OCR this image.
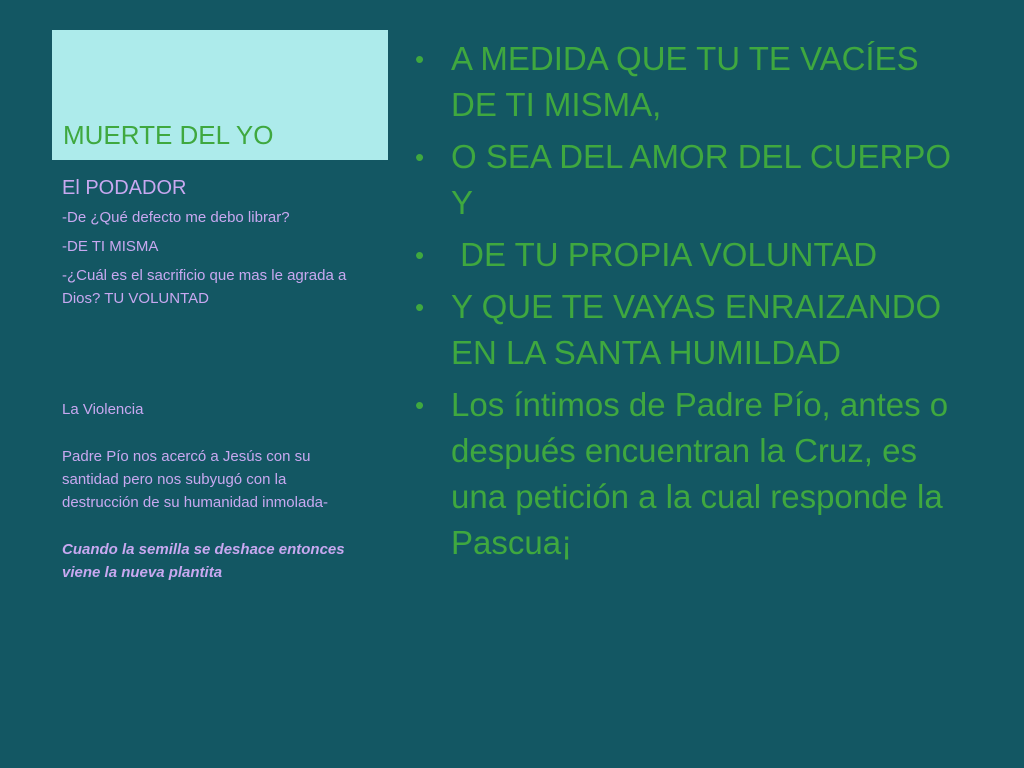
MUERTE DEL YO
El PODADOR

-De ¿Qué defecto me debo librar?

-DE TI MISMA

-¿Cuál es el sacrificio que mas le agrada a Dios? TU VOLUNTAD

La Violencia

Padre Pío nos acercó a Jesús con su santidad pero nos subyugó con la destrucción de su humanidad inmolada-

Cuando la semilla se deshace entonces viene la nueva plantita

• A MEDIDA QUE TU TE VACÍES DE TI MISMA,
• O SEA DEL AMOR DEL CUERPO Y
• DE TU PROPIA VOLUNTAD
• Y QUE TE VAYAS ENRAIZANDO EN LA SANTA HUMILDAD
• Los íntimos de Padre Pío, antes o después encuentran la Cruz, es una petición a la cual responde la Pascua¡
